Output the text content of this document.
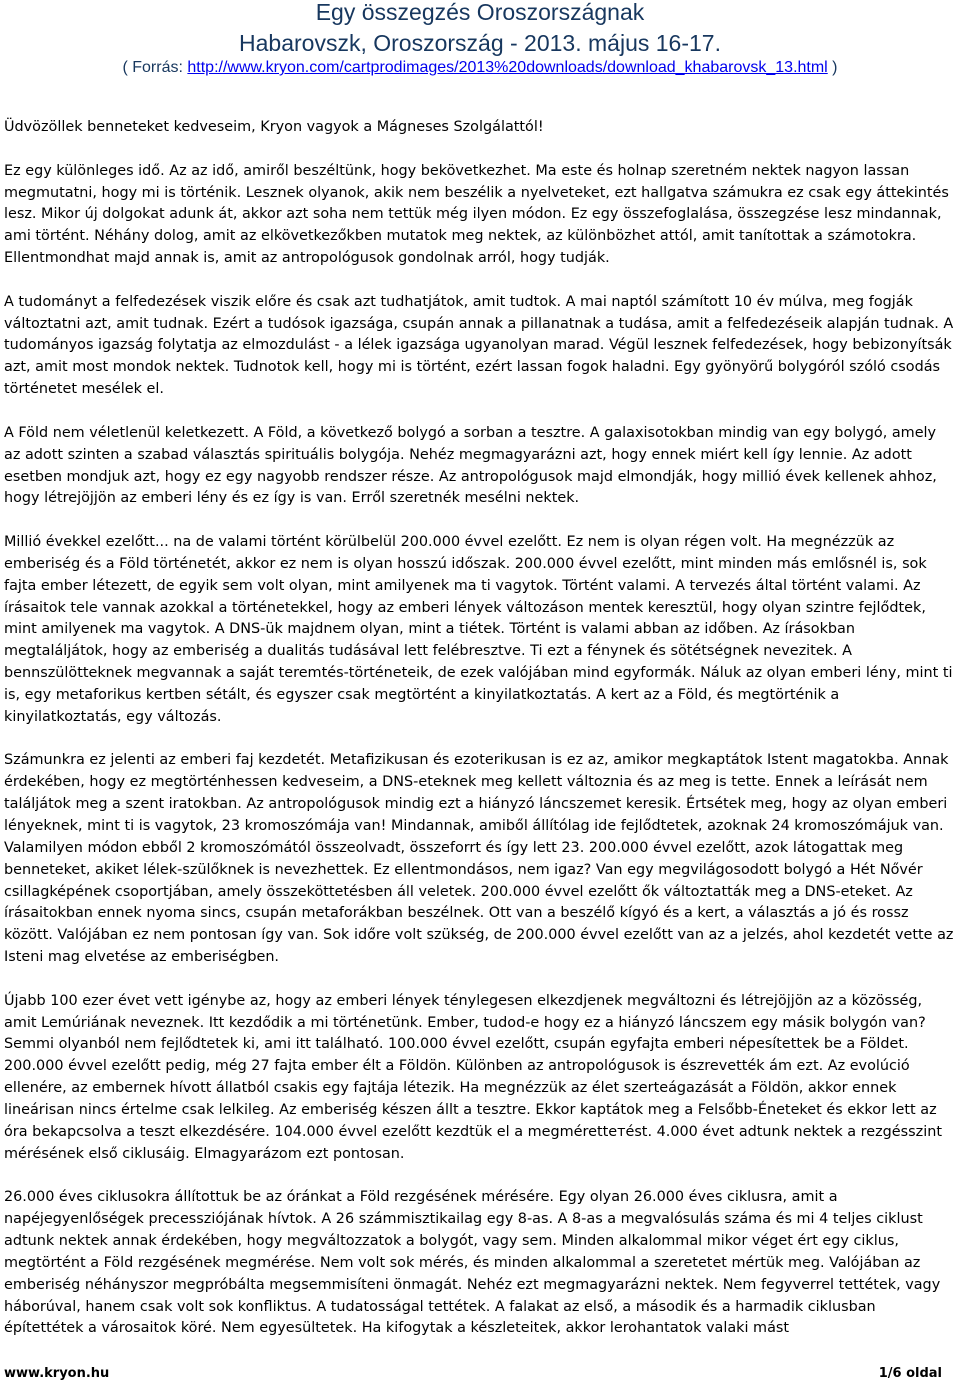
Egy összegzés Oroszországnak
Habarovszk, Oroszország - 2013. május 16-17.
( Forrás: http://www.kryon.com/cartprodimages/2013%20downloads/download_khabarovsk_13.html )

Üdvözöllek benneteket kedveseim, Kryon vagyok a Mágneses Szolgálattól!

Ez egy különleges idő. Az az idő, amiről beszéltünk, hogy bekövetkezhet. Ma este és holnap szeretném nektek nagyon lassan megmutatni, hogy mi is történik. Lesznek olyanok, akik nem beszélik a nyelveteket, ezt hallgatva számukra ez csak egy áttekintés lesz. Mikor új dolgokat adunk át, akkor azt soha nem tettük még ilyen módon. Ez egy összefoglalása, összegzése lesz mindannak, ami történt. Néhány dolog, amit az elkövetkezőkben mutatok meg nektek, az különbözhet attól, amit tanítottak a számotokra. Ellentmondhat majd annak is, amit az antropológusok gondolnak arról, hogy tudják.

A tudományt a felfedezések viszik előre és csak azt tudhatjátok, amit tudtok. A mai naptól számított 10 év múlva, meg fogják változtatni azt, amit tudnak. Ezért a tudósok igazsága, csupán annak a pillanatnak a tudása, amit a felfedezéseik alapján tudnak. A tudományos igazság folytatja az elmozdulást - a lélek igazsága ugyanolyan marad. Végül lesznek felfedezések, hogy bebizonyítsák azt, amit most mondok nektek. Tudnotok kell, hogy mi is történt, ezért lassan fogok haladni. Egy gyönyörű bolygóról szóló csodás történetet mesélek el.

A Föld nem véletlenül keletkezett. A Föld, a következő bolygó a sorban a tesztre. A galaxisotokban mindig van egy bolygó, amely az adott szinten a szabad választás spirituális bolygója. Nehéz megmagyarázni azt, hogy ennek miért kell így lennie. Az adott esetben mondjuk azt, hogy ez egy nagyobb rendszer része. Az antropológusok majd elmondják, hogy millió évek kellenek ahhoz, hogy létrejöjjön az emberi lény és ez így is van. Erről szeretnék mesélni nektek.

Millió évekkel ezelőtt... na de valami történt körülbelül 200.000 évvel ezelőtt. Ez nem is olyan régen volt. Ha megnézzük az emberiség és a Föld történetét, akkor ez nem is olyan hosszú időszak. 200.000 évvel ezelőtt, mint minden más emlősnél is, sok fajta ember létezett, de egyik sem volt olyan, mint amilyenek ma ti vagytok. Történt valami. A tervezés által történt valami. Az írásaitok tele vannak azokkal a történetekkel, hogy az emberi lények változáson mentek keresztül, hogy olyan szintre fejlődtek, mint amilyenek ma vagytok. A DNS-ük majdnem olyan, mint a tiétek. Történt is valami abban az időben. Az írásokban megtaláljátok, hogy az emberiség a dualitás tudásával lett felébresztve. Ti ezt a fénynek és sötétségnek nevezitek. A bennszülötteknek megvannak a saját teremtés-történeteik, de ezek valójában mind egyformák. Náluk az olyan emberi lény, mint ti is, egy metaforikus kertben sétált, és egyszer csak megtörtént a kinyilatkoztatás. A kert az a Föld, és megtörténik a kinyilatkoztatás, egy változás.

Számunkra ez jelenti az emberi faj kezdetét. Metafizikusan és ezoterikusan is ez az, amikor megkaptátok Istent magatokba. Annak érdekében, hogy ez megtörténhessen kedveseim, a DNS-eteknek meg kellett változnia és az meg is tette. Ennek a leírását nem találjátok meg a szent iratokban. Az antropológusok mindig ezt a hiányzó láncszemet keresik. Értsétek meg, hogy az olyan emberi lényeknek, mint ti is vagytok, 23 kromoszómája van! Mindannak, amiből állítólag ide fejlődtetek, azoknak 24 kromoszómájuk van. Valamilyen módon ebből 2 kromoszómától összeolvadt, összeforrt és így lett 23. 200.000 évvel ezelőtt, azok látogattak meg benneteket, akiket lélek-szülőknek is nevezhettek. Ez ellentmondásos, nem igaz? Van egy megvilágosodott bolygó a Hét Nővér csillagképének csoportjában, amely összeköttetésben áll veletek. 200.000 évvel ezelőtt ők változtatták meg a DNS-eteket. Az írásaitokban ennek nyoma sincs, csupán metaforákban beszélnek. Ott van a beszélő kígyó és a kert, a választás a jó és rossz között. Valójában ez nem pontosan így van. Sok időre volt szükség, de 200.000 évvel ezelőtt van az a jelzés, ahol kezdetét vette az Isteni mag elvetése az emberiségben.

Újabb 100 ezer évet vett igénybe az, hogy az emberi lények ténylegesen elkezdjenek megváltozni és létrejöjjön az a közösség, amit Lemúriának neveznek. Itt kezdődik a mi történetünk. Ember, tudod-e hogy ez a hiányzó láncszem egy másik bolygón van? Semmi olyanból nem fejlődtetek ki, ami itt található. 100.000 évvel ezelőtt, csupán egyfajta emberi népesítettek be a Földet. 200.000 évvel ezelőtt pedig, még 27 fajta ember élt a Földön. Különben az antropológusok is észrevették ám ezt. Az evolúció ellenére, az embernek hívott állatból csakis egy fajtája létezik. Ha megnézzük az élet szerteágazását a Földön, akkor ennek lineárisan nincs értelme csak lelkileg. Az emberiség készen állt a tesztre. Ekkor kaptátok meg a Felsőbb-Éneteket és ekkor lett az óra bekapcsolva a teszt elkezdésére. 104.000 évvel ezelőtt kezdtük el a megméretteтést. 4.000 évet adtunk nektek a rezgésszint mérésének első ciklusáig. Elmagyarázom ezt pontosan.

26.000 éves ciklusokra állítottuk be az óránkat a Föld rezgésének mérésére. Egy olyan 26.000 éves ciklusra, amit a napéjegyenlőségek precessziójának hívtok. A 26 számmisztikailag egy 8-as. A 8-as a megvalósulás száma és mi 4 teljes ciklust adtunk nektek annak érdekében, hogy megváltozzatok a bolygót, vagy sem. Minden alkalommal mikor véget ért egy ciklus, megtörtént a Föld rezgésének megmérése. Nem volt sok mérés, és minden alkalommal a szeretetet mértük meg. Valójában az emberiség néhányszor megpróbálta megsemmisíteni önmagát. Nehéz ezt megmagyarázni nektek. Nem fegyverrel tettétek, vagy háborúval, hanem csak volt sok konfliktus. A tudatosságal tettétek. A falakat az első, a második és a harmadik ciklusban építettétek a városaitok köré. Nem egyesültetek. Ha kifogytak a készleteitek, akkor lerohantatok valaki mást

www.kryon.hu	1/6 oldal
